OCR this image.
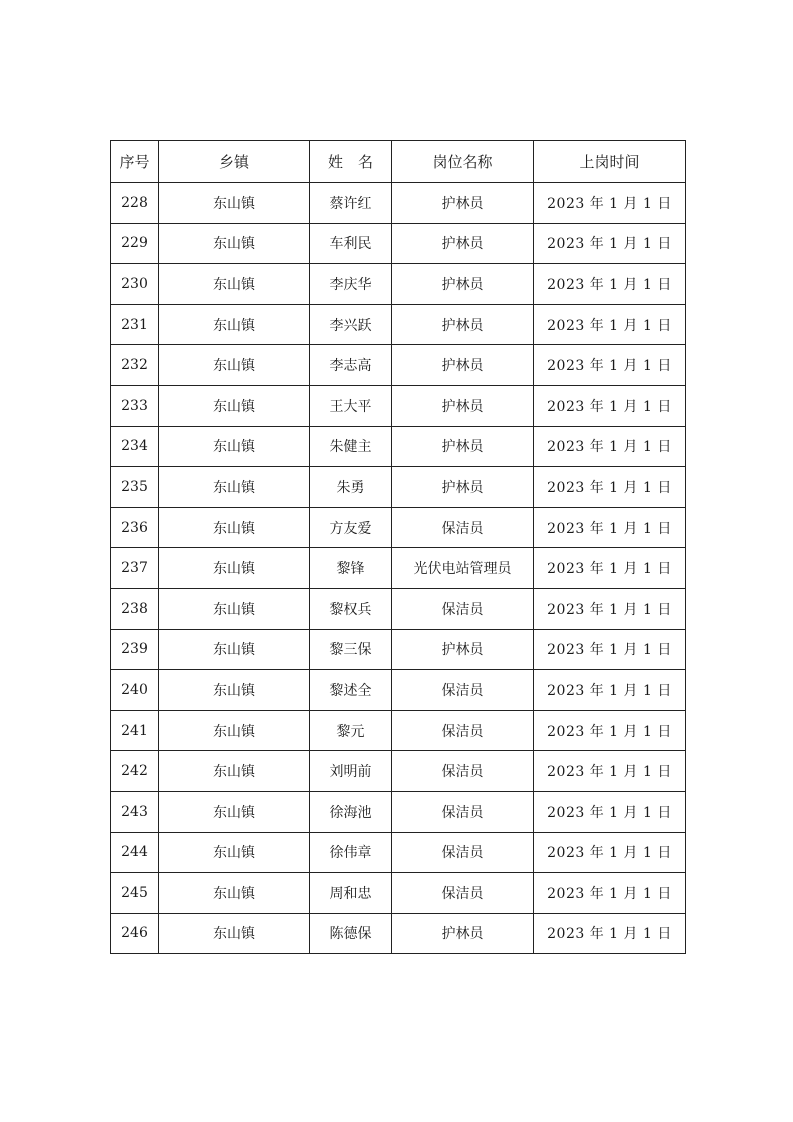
序号	乡镇	姓　名	岗位名称	上岗时间
228	东山镇	蔡许红	护林员	2023 年 1 月 1 日
229	东山镇	车利民	护林员	2023 年 1 月 1 日
230	东山镇	李庆华	护林员	2023 年 1 月 1 日
231	东山镇	李兴跃	护林员	2023 年 1 月 1 日
232	东山镇	李志高	护林员	2023 年 1 月 1 日
233	东山镇	王大平	护林员	2023 年 1 月 1 日
234	东山镇	朱健主	护林员	2023 年 1 月 1 日
235	东山镇	朱勇	护林员	2023 年 1 月 1 日
236	东山镇	方友爱	保洁员	2023 年 1 月 1 日
237	东山镇	黎锋	光伏电站管理员	2023 年 1 月 1 日
238	东山镇	黎权兵	保洁员	2023 年 1 月 1 日
239	东山镇	黎三保	护林员	2023 年 1 月 1 日
240	东山镇	黎述全	保洁员	2023 年 1 月 1 日
241	东山镇	黎元	保洁员	2023 年 1 月 1 日
242	东山镇	刘明前	保洁员	2023 年 1 月 1 日
243	东山镇	徐海池	保洁员	2023 年 1 月 1 日
244	东山镇	徐伟章	保洁员	2023 年 1 月 1 日
245	东山镇	周和忠	保洁员	2023 年 1 月 1 日
246	东山镇	陈德保	护林员	2023 年 1 月 1 日
